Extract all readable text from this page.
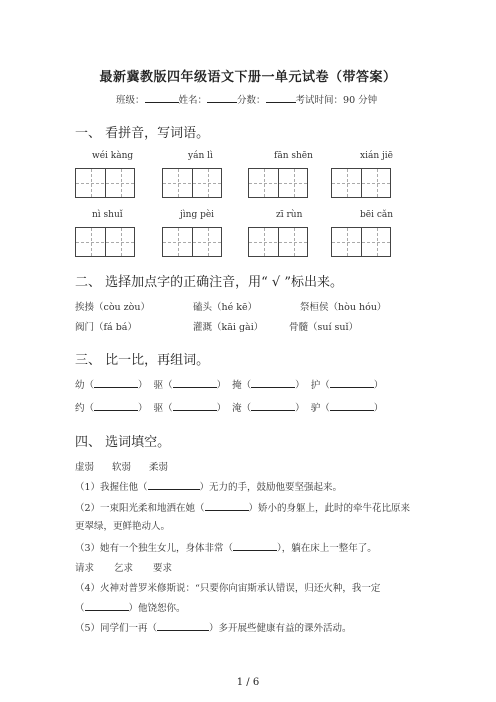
最新冀教版四年级语文下册一单元试卷（带答案）
班级：	姓名：	分数：	考试时间：90 分钟
一、 看拼音，写词语。
wéi kàng	yán lì	fān shēn	xián jiē
nì shuǐ	jìng pèi	zī rùn	bēi cǎn
二、 选择加点字的正确注音，用“ √ ”标出来。
挨揍（còu zòu）	磕头（hé kē）	祭桓侯（hòu hóu）
阀门（fá bá）	灌溉（kāi gài）	骨髓（suí suǐ）
三、 比一比，再组词。
幼（	） 驱（	） 掩（	） 护（	）
约（	） 驱（	） 淹（	） 驴（	）
四、 选词填空。
虚弱 软弱 柔弱
（1）我握住他（	）无力的手，鼓励他要坚强起来。
（2）一束阳光柔和地洒在她（	）娇小的身躯上，此时的牵牛花比原来
更翠绿，更鲜艳动人。
（3）她有一个独生女儿，身体非常（	），躺在床上一整年了。
请求 乞求 要求
（4）火神对普罗米修斯说：“只要你向宙斯承认错误，归还火种，我一定
（	）他饶恕你。
（5）同学们一再（	）多开展些健康有益的课外活动。
1 / 6
